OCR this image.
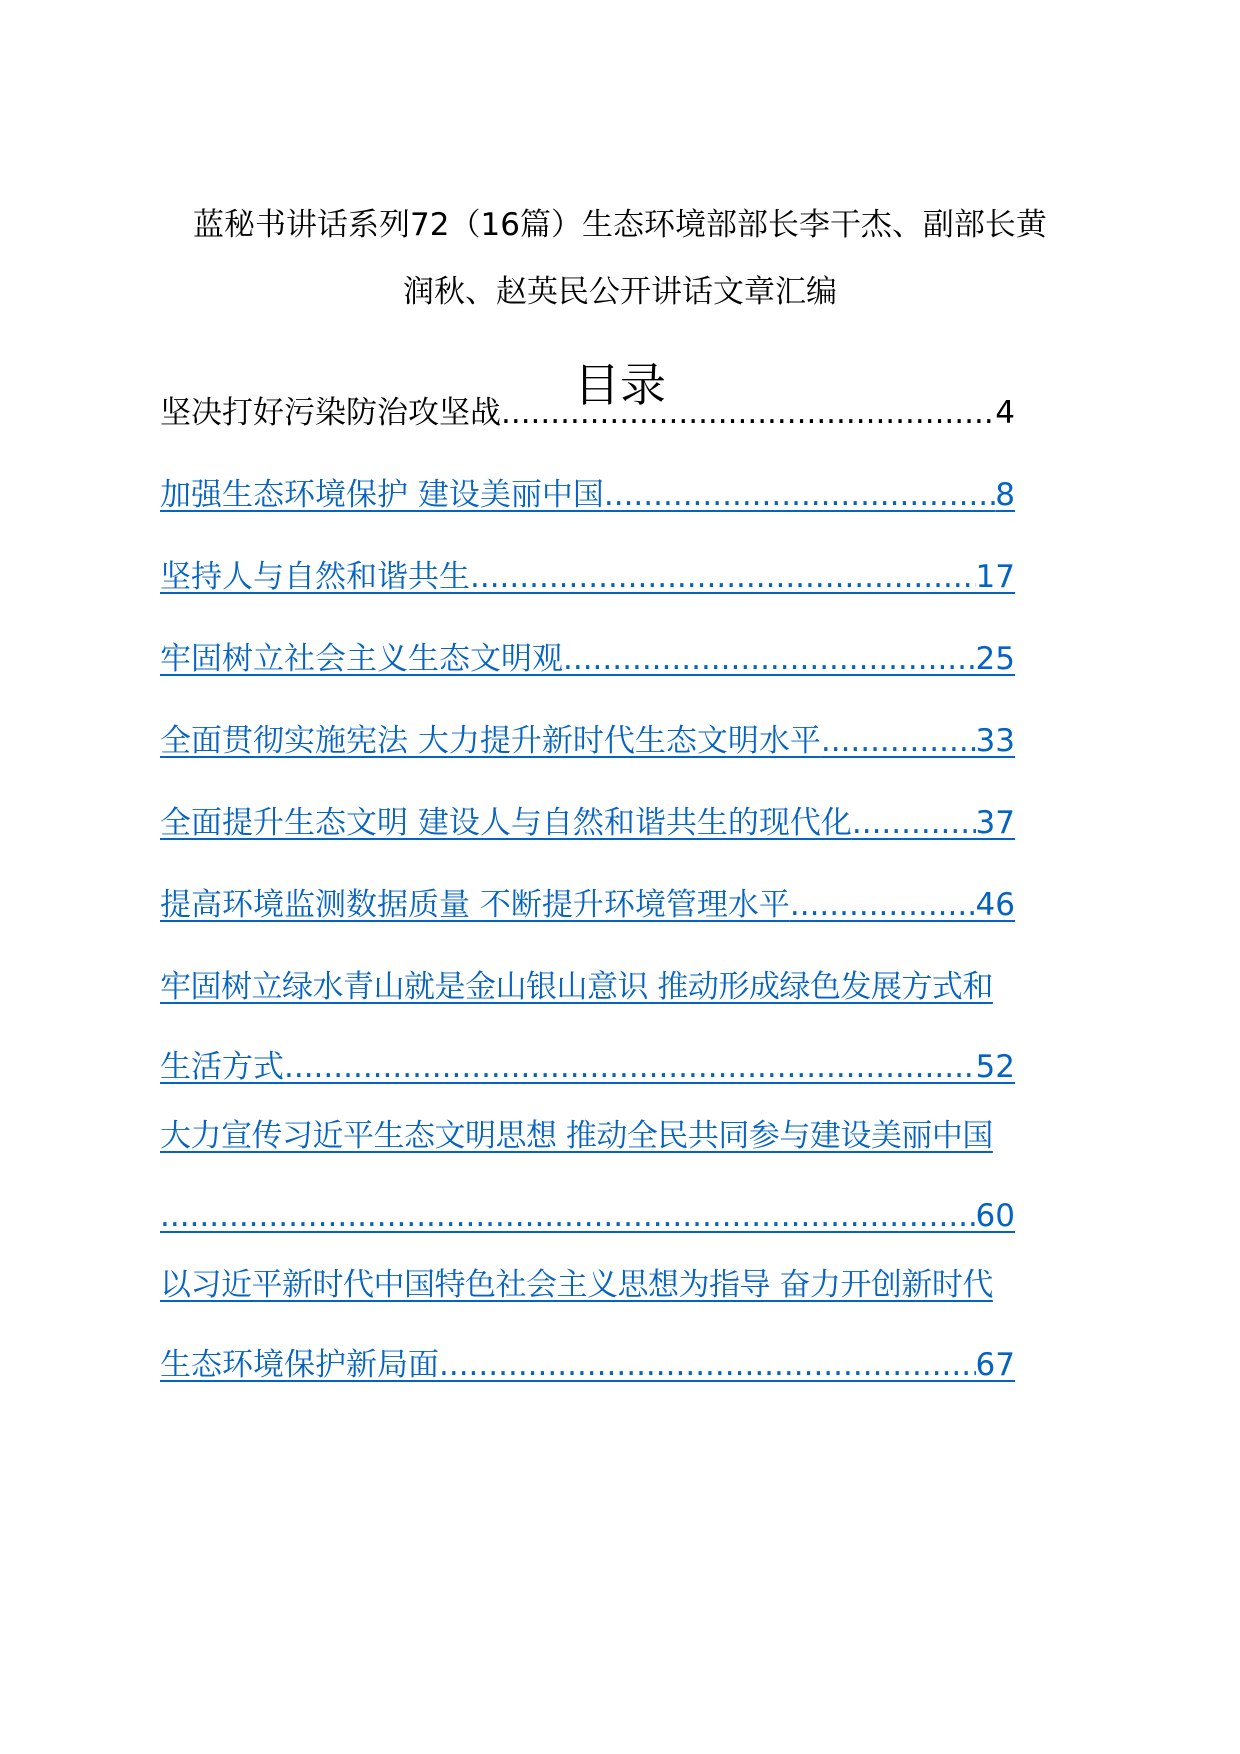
蓝秘书讲话系列72（16篇）生态环境部部长李干杰、副部长黄
润秋、赵英民公开讲话文章汇编
目录
坚决打好污染防治攻坚战 .....	4
加强生态环境保护 建设美丽中国 .....	8
坚持人与自然和谐共生 .....	17
牢固树立社会主义生态文明观 .....	25
全面贯彻实施宪法 大力提升新时代生态文明水平 .....	33
全面提升生态文明 建设人与自然和谐共生的现代化 .....	37
提高环境监测数据质量 不断提升环境管理水平 .....	46
牢固树立绿水青山就是金山银山意识 推动形成绿色发展方式和
生活方式 .....	52
大力宣传习近平生态文明思想 推动全民共同参与建设美丽中国
.....
60
以习近平新时代中国特色社会主义思想为指导 奋力开创新时代
生态环境保护新局面 .....	67
